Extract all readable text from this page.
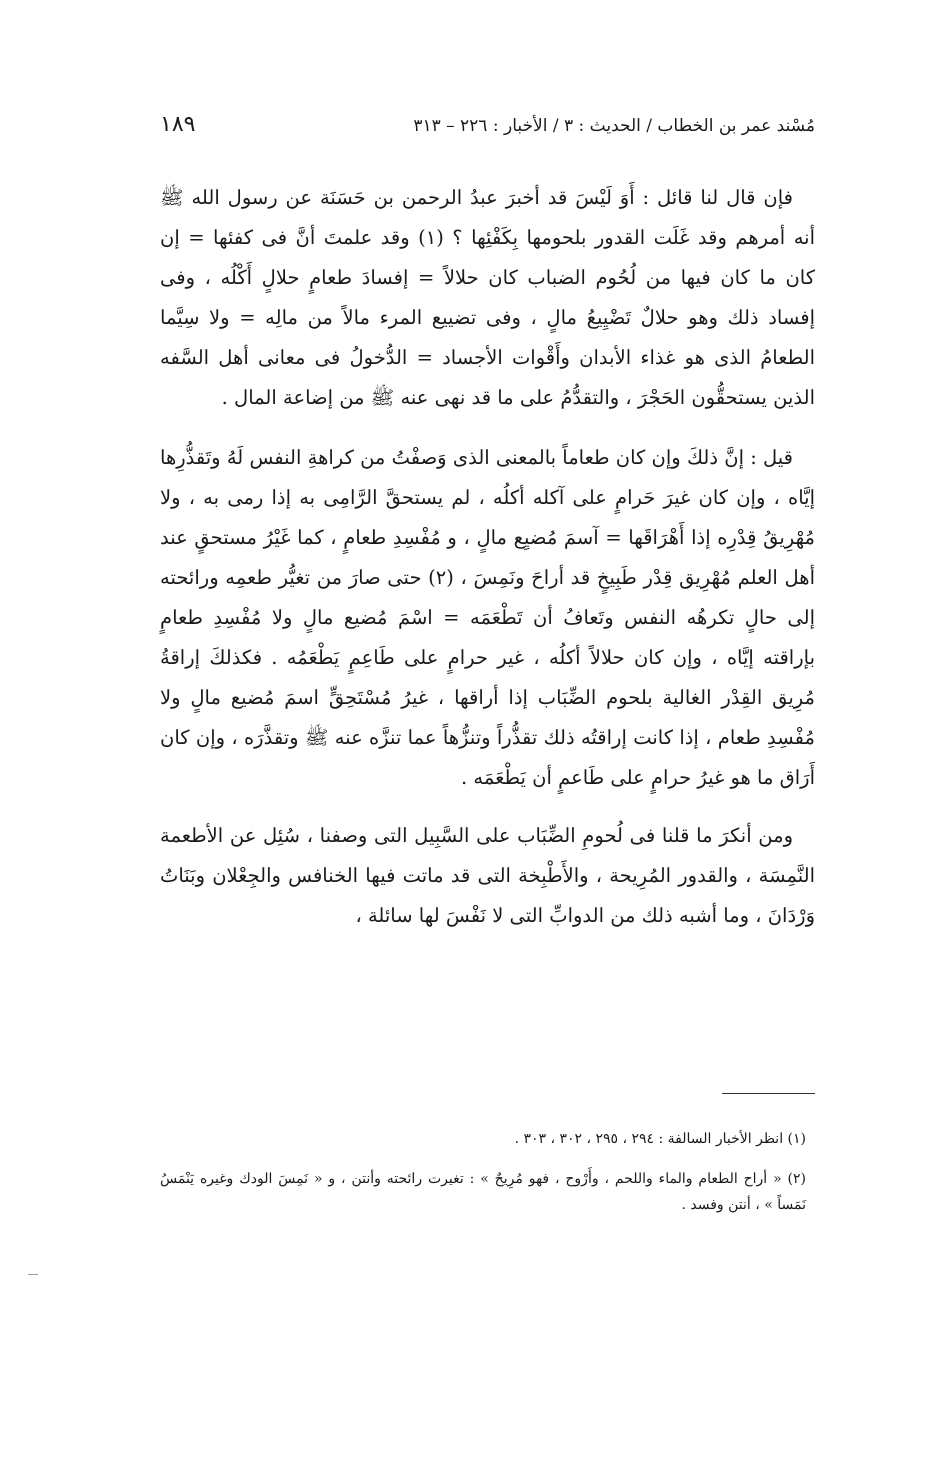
مُسْند عمر بن الخطاب / الحديث : ٣ / الأخبار : ٢٢٦ – ٣١٣
١٨٩

فإن قال لنا قائل : أَوَ لَيْسَ قد أخبرَ عبدُ الرحمن بن حَسَنَة عن رسول الله ﷺ أنه أمرهم وقد غَلَت القدور بلحومها بِكَفْئِها ؟ (١) وقد علمتَ أنَّ فى كفئها = إن كان ما كان فيها من لُحُوم الضباب كان حلالاً = إفسادَ طعامٍ حلالٍ أَكْلُه ، وفى إفساد ذلك وهو حلالٌ تَضْيِيعُ مالٍ ، وفى تضييع المرء مالاً من مالِه = ولا سِيَّما الطعامُ الذى هو غذاء الأبدان وأَقْوات الأجساد = الدُّخولُ فى معانى أهل السَّفه الذين يستحقُّون الحَجْرَ ، والتقدُّمُ على ما قد نهى عنه ﷺ من إضاعة المال .

قيل : إنَّ ذلكَ وإن كان طعاماً بالمعنى الذى وَصفْتُ من كراهةِ النفس لَهُ وتَقذُّرِها إيَّاه ، وإن كان غيرَ حَرامٍ على آكله أكلُه ، لم يستحقَّ الرَّامِى به إذا رمى به ، ولا مُهْرِيقُ قِدْرِه إذا أَهْرَاقَها = آسمَ مُضيِع مالٍ ، و مُفْسِدِ طعامٍ ، كما غَيْرُ مستحقٍ عند أهل العلم مُهْرِيق قِدْر طَبِيخٍ قد أراحَ ونَمِسَ ، (٢) حتى صارَ من تغيُّر طعمِه ورائحته إلى حالٍ تكرهُه النفس وتَعافُ أن تَطْعَمَه = اسْمَ مُضيع مالٍ ولا مُفْسِدِ طعامٍ بإراقته إيَّاه ، وإن كان حلالاً أكلُه ، غير حرامٍ على طَاعِمٍ يَطْعَمُه . فكذلكَ إراقةُ مُرِيق القِدْر الغالية بلحوم الضِّبَاب إذا أراقها ، غيرُ مُسْتَحِقٍّ اسمَ مُضيع مالٍ ولا مُفْسِدِ طعام ، إذا كانت إراقتُه ذلك تقذُّراً وتنزُّهاً عما تنزَّه عنه ﷺ وتقذَّرَه ، وإن كان أَرَاق ما هو غيرُ حرامٍ على طَاعمٍ أن يَطْعَمَه .

ومن أنكرَ ما قلنا فى لُحومِ الضِّبَاب على السَّبِيل التى وصفنا ، سُئِل عن الأطعمة النَّمِسَة ، والقدور المُرِيحة ، والأَطْبِخة التى قد ماتت فيها الخنافس والجِعْلان وبَنَاتُ وَرْدَانَ ، وما أشبه ذلك من الدوابِّ التى لا نَفْسَ لها سائلة ،

(١) انظر الأخبار السالفة : ٢٩٤ ، ٢٩٥ ، ٣٠٢ ، ٣٠٣ .

(٢) « أراح الطعام والماء واللحم ، وأَرْوح ، فهو مُرِيحٌ » : تغيرت رائحته وأنتن ، و « نَمِسَ الودك وغيره يَنْمَسُ نَمَساً » ، أنتن وفسد .
